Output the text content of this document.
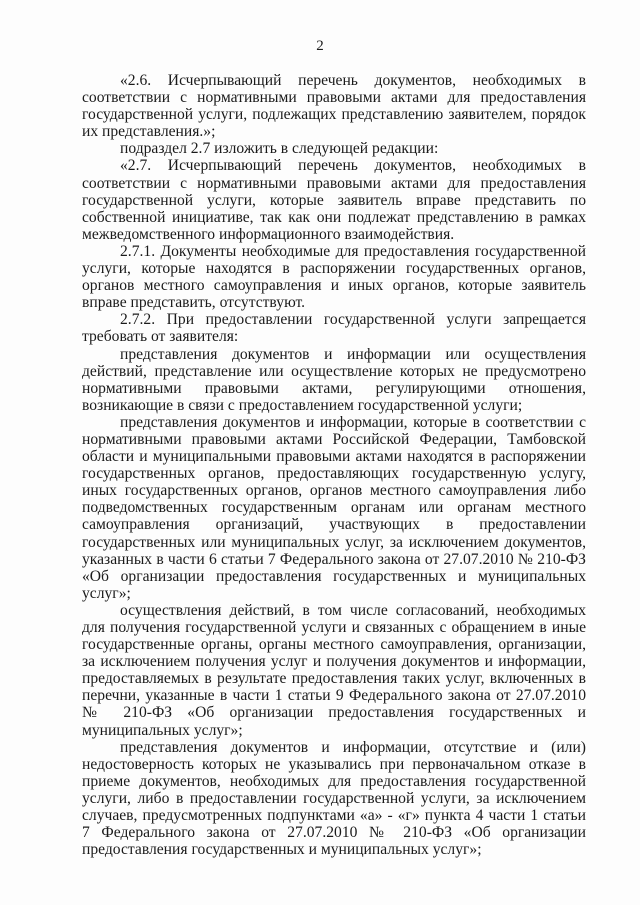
2

«2.6. Исчерпывающий перечень документов, необходимых в соответствии с нормативными правовыми актами для предоставления государственной услуги, подлежащих представлению заявителем, порядок их представления.»;

подраздел 2.7 изложить в следующей редакции:

«2.7. Исчерпывающий перечень документов, необходимых в соответствии с нормативными правовыми актами для предоставления государственной услуги, которые заявитель вправе представить по собственной инициативе, так как они подлежат представлению в рамках межведомственного информационного взаимодействия.

2.7.1. Документы необходимые для предоставления государственной услуги, которые находятся в распоряжении государственных органов, органов местного самоуправления и иных органов, которые заявитель вправе представить, отсутствуют.

2.7.2. При предоставлении государственной услуги запрещается требовать от заявителя:

представления документов и информации или осуществления действий, представление или осуществление которых не предусмотрено нормативными правовыми актами, регулирующими отношения, возникающие в связи с предоставлением государственной услуги;

представления документов и информации, которые в соответствии с нормативными правовыми актами Российской Федерации, Тамбовской области и муниципальными правовыми актами находятся в распоряжении государственных органов, предоставляющих государственную услугу, иных государственных органов, органов местного самоуправления либо подведомственных государственным органам или органам местного самоуправления организаций, участвующих в предоставлении государственных или муниципальных услуг, за исключением документов, указанных в части 6 статьи 7 Федерального закона от 27.07.2010 № 210-ФЗ «Об организации предоставления государственных и муниципальных услуг»;

осуществления действий, в том числе согласований, необходимых для получения государственной услуги и связанных с обращением в иные государственные органы, органы местного самоуправления, организации, за исключением получения услуг и получения документов и информации, предоставляемых в результате предоставления таких услуг, включенных в перечни, указанные в части 1 статьи 9 Федерального закона от 27.07.2010 № 210-ФЗ «Об организации предоставления государственных и муниципальных услуг»;

представления документов и информации, отсутствие и (или) недостоверность которых не указывались при первоначальном отказе в приеме документов, необходимых для предоставления государственной услуги, либо в предоставлении государственной услуги, за исключением случаев, предусмотренных подпунктами «а» - «г» пункта 4 части 1 статьи 7 Федерального закона от 27.07.2010 № 210-ФЗ «Об организации предоставления государственных и муниципальных услуг»;
